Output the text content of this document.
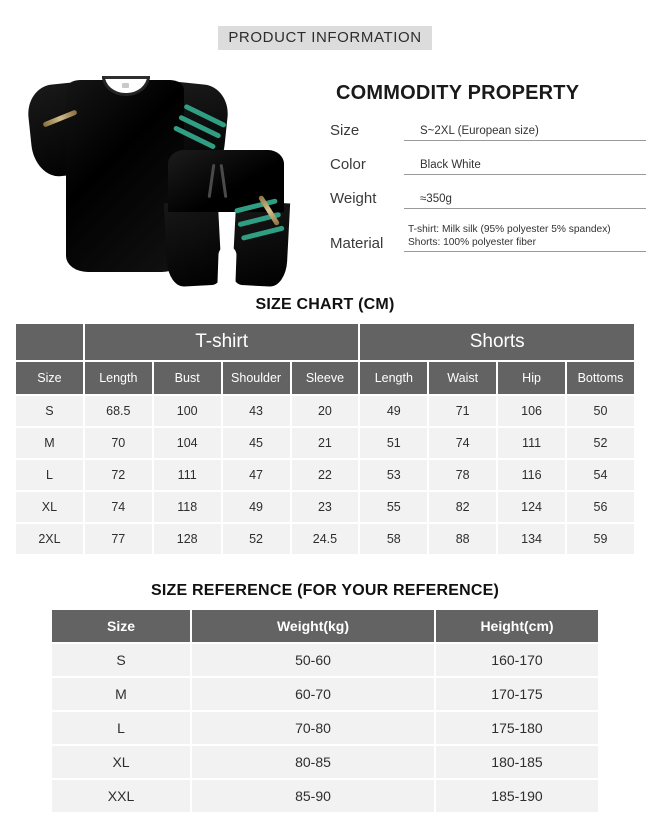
PRODUCT INFORMATION
COMMODITY PROPERTY
Size	S~2XL (European size)
Color	Black White
Weight	≈350g
Material
T-shirt: Milk silk (95% polyester 5% spandex)
Shorts: 100% polyester fiber
SIZE CHART (CM)
	T-shirt				Shorts			
Size	Length	Bust	Shoulder	Sleeve	Length	Waist	Hip	Bottoms
S	68.5	100	43	20	49	71	106	50
M	70	104	45	21	51	74	111	52
L	72	111	47	22	53	78	116	54
XL	74	118	49	23	55	82	124	56
2XL	77	128	52	24.5	58	88	134	59
SIZE REFERENCE (FOR YOUR REFERENCE)
Size	Weight(kg)	Height(cm)
S	50-60	160-170
M	60-70	170-175
L	70-80	175-180
XL	80-85	180-185
XXL	85-90	185-190
